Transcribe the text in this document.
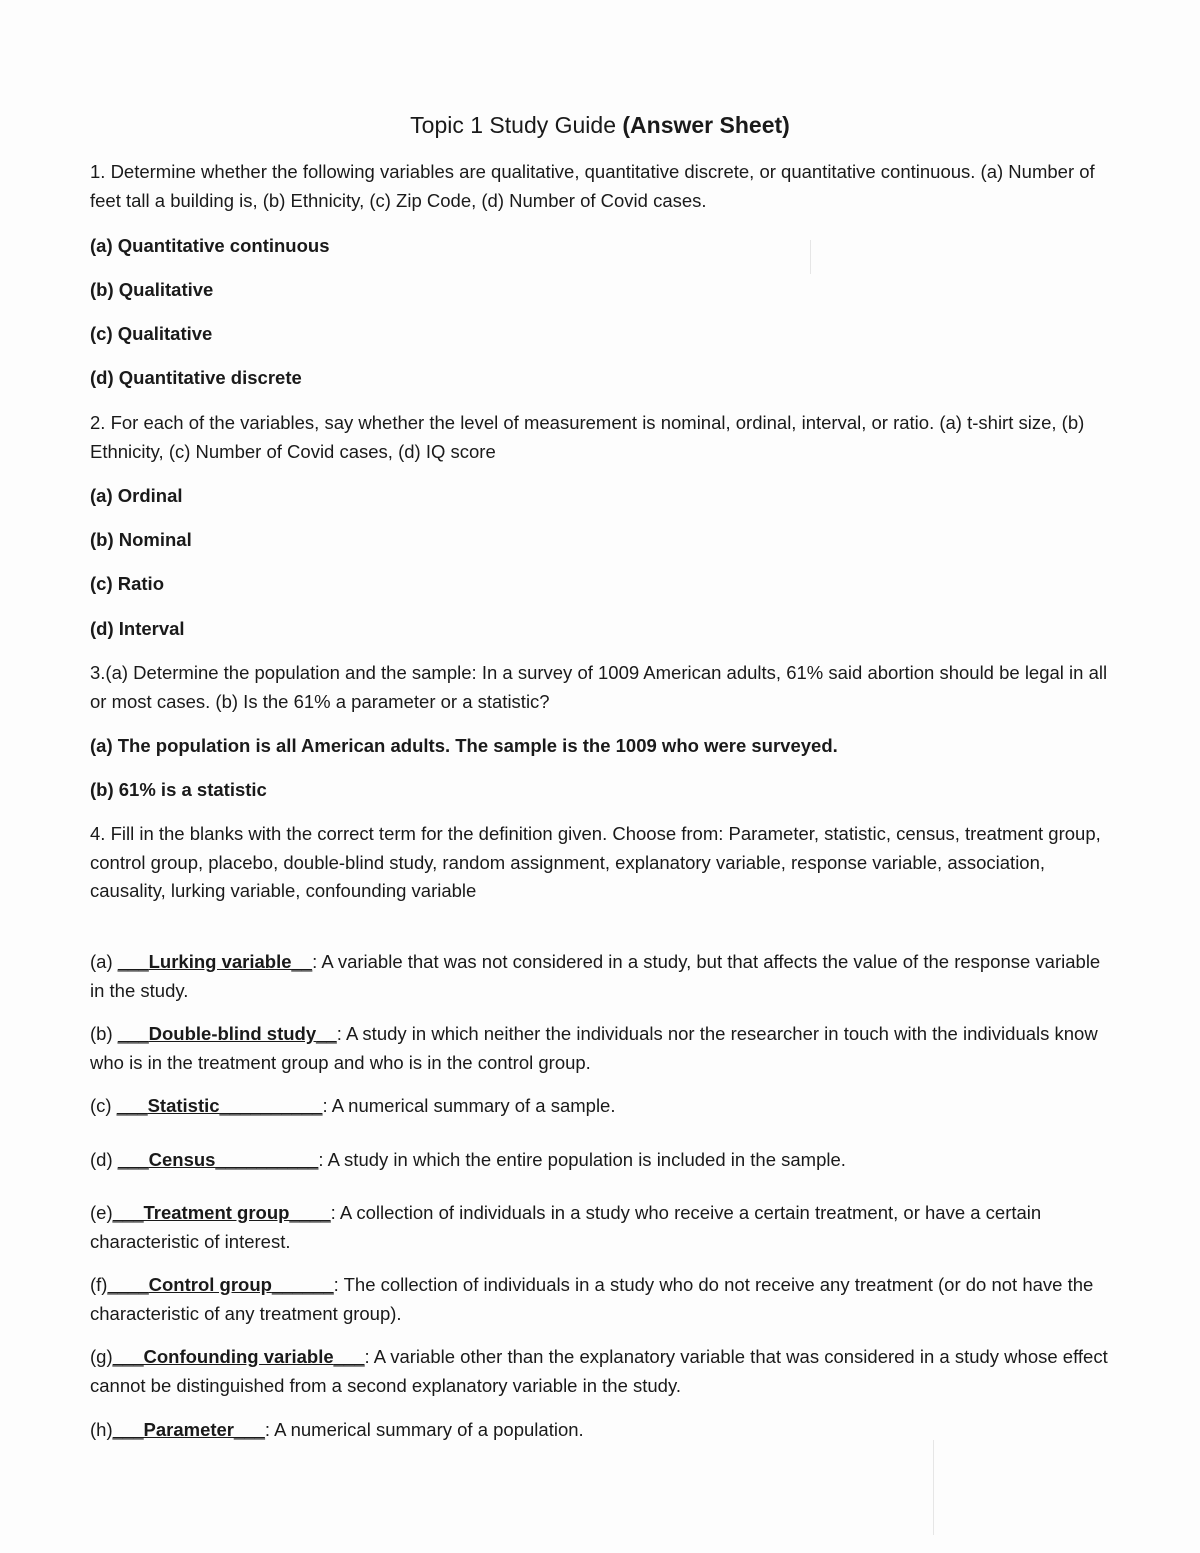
Topic 1 Study Guide (Answer Sheet)

1. Determine whether the following variables are qualitative, quantitative discrete, or quantitative continuous. (a) Number of feet tall a building is, (b) Ethnicity, (c) Zip Code, (d) Number of Covid cases.

(a) Quantitative continuous

(b) Qualitative

(c) Qualitative

(d) Quantitative discrete

2. For each of the variables, say whether the level of measurement is nominal, ordinal, interval, or ratio. (a) t-shirt size, (b) Ethnicity, (c) Number of Covid cases, (d) IQ score

(a) Ordinal

(b) Nominal

(c) Ratio

(d) Interval

3.(a) Determine the population and the sample: In a survey of 1009 American adults, 61% said abortion should be legal in all or most cases. (b) Is the 61% a parameter or a statistic?

(a) The population is all American adults. The sample is the 1009 who were surveyed.

(b) 61% is a statistic

4. Fill in the blanks with the correct term for the definition given. Choose from: Parameter, statistic, census, treatment group, control group, placebo, double-blind study, random assignment, explanatory variable, response variable, association, causality, lurking variable, confounding variable

(a) ___Lurking variable__: A variable that was not considered in a study, but that affects the value of the response variable in the study.

(b) ___Double-blind study__: A study in which neither the individuals nor the researcher in touch with the individuals know who is in the treatment group and who is in the control group.

(c) ___Statistic__________: A numerical summary of a sample.

(d) ___Census__________: A study in which the entire population is included in the sample.

(e)___Treatment group____: A collection of individuals in a study who receive a certain treatment, or have a certain characteristic of interest.

(f)____Control group______: The collection of individuals in a study who do not receive any treatment (or do not have the characteristic of any treatment group).

(g)___Confounding variable___: A variable other than the explanatory variable that was considered in a study whose effect cannot be distinguished from a second explanatory variable in the study.

(h)___Parameter___: A numerical summary of a population.
